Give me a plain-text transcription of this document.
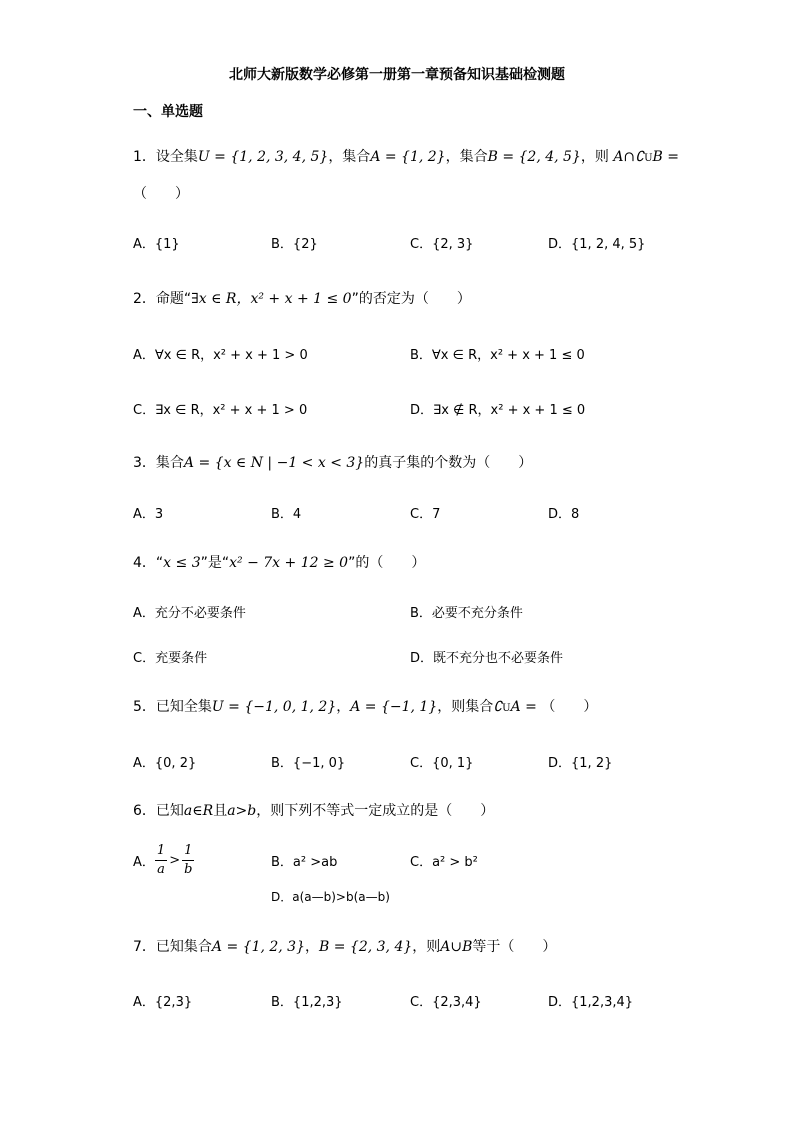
北师大新版数学必修第一册第一章预备知识基础检测题
一、单选题
1．设全集U = {1, 2, 3, 4, 5}，集合A = {1, 2}，集合B = {2, 4, 5}，则 A∩∁UB =
（　　）
A．{1}	B．{2}	C．{2, 3}	D．{1, 2, 4, 5}
2．命题“∃x ∈ R，x² + x + 1 ≤ 0”的否定为（　　）
A．∀x ∈ R，x² + x + 1 > 0	B．∀x ∈ R，x² + x + 1 ≤ 0
C．∃x ∈ R，x² + x + 1 > 0	D．∃x ∉ R，x² + x + 1 ≤ 0
3．集合A = {x ∈ N | −1 < x < 3}的真子集的个数为（　　）
A．3	B．4	C．7	D．8
4．“x ≤ 3”是“x² − 7x + 12 ≥ 0”的（　　）
A．充分不必要条件	B．必要不充分条件
C．充要条件	D．既不充分也不必要条件
5．已知全集U = {−1, 0, 1, 2}，A = {−1, 1}，则集合∁UA = （　　）
A．{0, 2}	B．{−1, 0}	C．{0, 1}	D．{1, 2}
6．已知a∈R且a>b，则下列不等式一定成立的是（　　）
A． $\frac{1}{a} > \frac{1}{b}$	B．a² >ab	C．a² > b²
D．a(a—b)>b(a—b)
7．已知集合A = {1, 2, 3}，B = {2, 3, 4}，则A∪B等于（　　）
A．{2,3}	B．{1,2,3}	C．{2,3,4}	D．{1,2,3,4}
